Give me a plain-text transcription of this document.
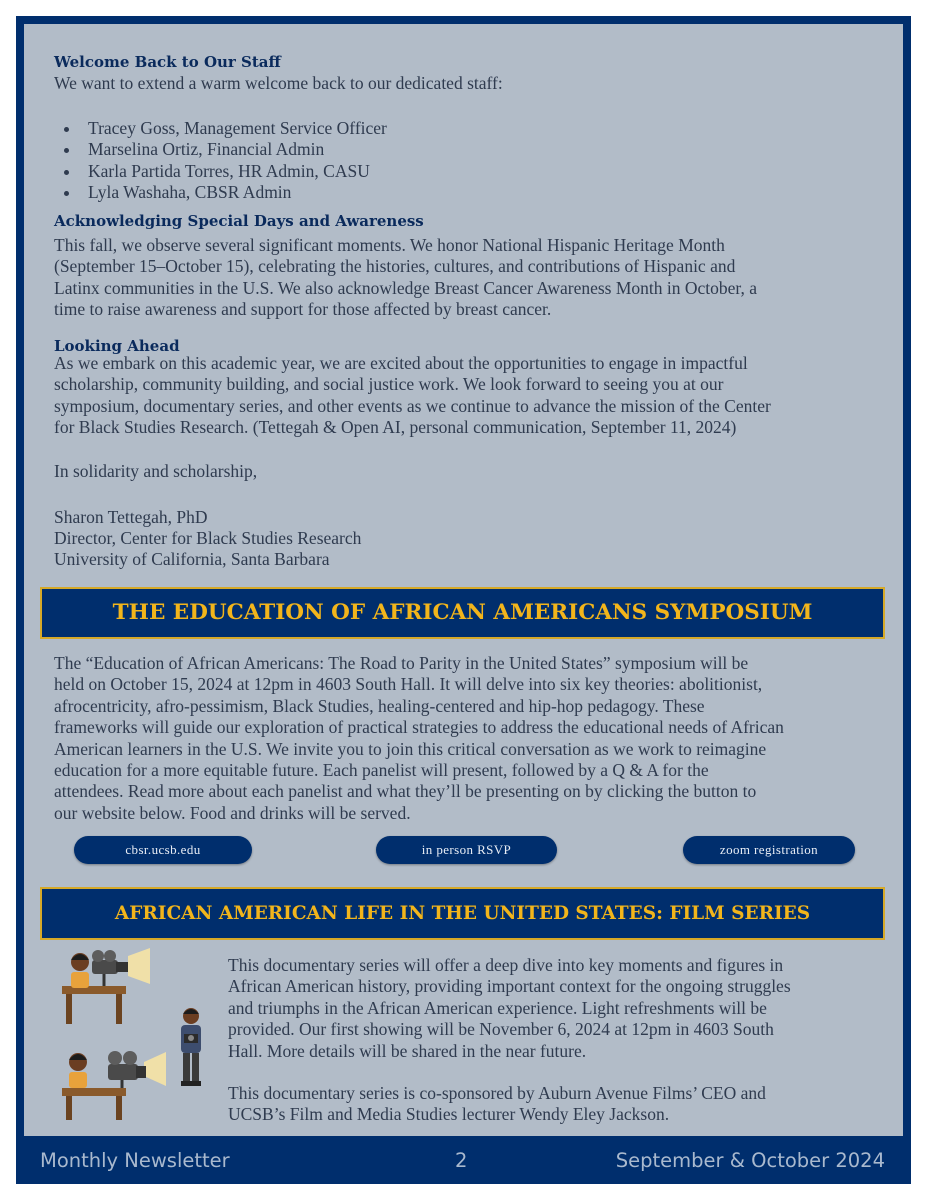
Welcome Back to Our Staff
We want to extend a warm welcome back to our dedicated staff:
Tracey Goss, Management Service Officer
Marselina Ortiz, Financial Admin
Karla Partida Torres, HR Admin, CASU
Lyla Washaha, CBSR Admin
Acknowledging Special Days and Awareness
This fall, we observe several significant moments. We honor National Hispanic Heritage Month
(September 15–October 15), celebrating the histories, cultures, and contributions of Hispanic and
Latinx communities in the U.S. We also acknowledge Breast Cancer Awareness Month in October, a
time to raise awareness and support for those affected by breast cancer.
Looking Ahead
As we embark on this academic year, we are excited about the opportunities to engage in impactful
scholarship, community building, and social justice work. We look forward to seeing you at our
symposium, documentary series, and other events as we continue to advance the mission of the Center
for Black Studies Research. (Tettegah & Open AI, personal communication, September 11, 2024)
In solidarity and scholarship,
Sharon Tettegah, PhD
Director, Center for Black Studies Research
University of California, Santa Barbara
THE EDUCATION OF AFRICAN AMERICANS SYMPOSIUM
The “Education of African Americans: The Road to Parity in the United States” symposium will be
held on October 15, 2024 at 12pm in 4603 South Hall. It will delve into six key theories: abolitionist,
afrocentricity, afro-pessimism, Black Studies, healing-centered and hip-hop pedagogy. These
frameworks will guide our exploration of practical strategies to address the educational needs of African
American learners in the U.S. We invite you to join this critical conversation as we work to reimagine
education for a more equitable future. Each panelist will present, followed by a Q & A for the
attendees. Read more about each panelist and what they’ll be presenting on by clicking the button to
our website below. Food and drinks will be served.
cbsr.ucsb.edu	in person RSVP	zoom registration
AFRICAN AMERICAN LIFE IN THE UNITED STATES: FILM SERIES
This documentary series will offer a deep dive into key moments and figures in
African American history, providing important context for the ongoing struggles
and triumphs in the African American experience. Light refreshments will be
provided. Our first showing will be November 6, 2024 at 12pm in 4603 South
Hall. More details will be shared in the near future.
This documentary series is co-sponsored by Auburn Avenue Films’ CEO and
UCSB’s Film and Media Studies lecturer Wendy Eley Jackson.
Monthly Newsletter	2	September & October 2024
